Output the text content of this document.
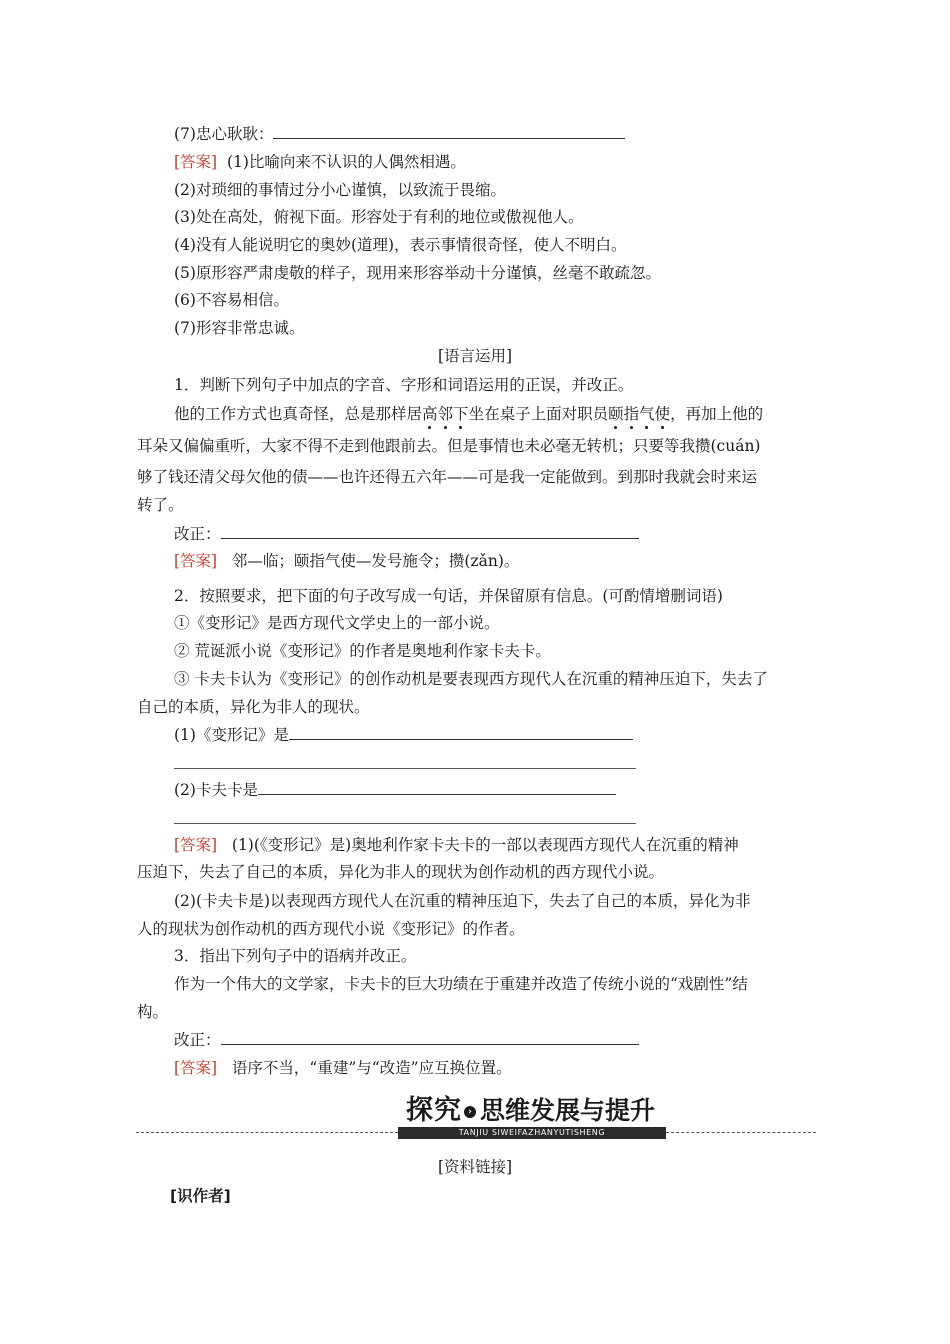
(7)忠心耿耿：
[答案] (1)比喻向来不认识的人偶然相遇。
(2)对琐细的事情过分小心谨慎，以致流于畏缩。
(3)处在高处，俯视下面。形容处于有利的地位或傲视他人。
(4)没有人能说明它的奥妙(道理)，表示事情很奇怪，使人不明白。
(5)原形容严肃虔敬的样子，现用来形容举动十分谨慎，丝毫不敢疏忽。
(6)不容易相信。
(7)形容非常忠诚。
[语言运用]
1．判断下列句子中加点的字音、字形和词语运用的正误，并改正。
他的工作方式也真奇怪，总是那样居高邻下坐在桌子上面对职员颐指气使，再加上他的
耳朵又偏偏重听，大家不得不走到他跟前去。但是事情也未必毫无转机；只要等我攒(cuán)
够了钱还清父母欠他的债——也许还得五六年——可是我一定能做到。到那时我就会时来运
转了。
改正：
[答案] 邻—临；颐指气使—发号施令；攒(zǎn)。
2．按照要求，把下面的句子改写成一句话，并保留原有信息。(可酌情增删词语)
①《变形记》是西方现代文学史上的一部小说。
② 荒诞派小说《变形记》的作者是奥地利作家卡夫卡。
③ 卡夫卡认为《变形记》的创作动机是要表现西方现代人在沉重的精神压迫下，失去了
自己的本质，异化为非人的现状。
(1)《变形记》是
(2)卡夫卡是
[答案] (1)(《变形记》是)奥地利作家卡夫卡的一部以表现西方现代人在沉重的精神
压迫下，失去了自己的本质，异化为非人的现状为创作动机的西方现代小说。
(2)(卡夫卡是)以表现西方现代人在沉重的精神压迫下，失去了自己的本质，异化为非
人的现状为创作动机的西方现代小说《变形记》的作者。
3．指出下列句子中的语病并改正。
作为一个伟大的文学家，卡夫卡的巨大功绩在于重建并改造了传统小说的“戏剧性”结
构。
改正：
[答案] 语序不当，“重建”与“改造”应互换位置。
探究 › 思维发展与提升
TANJIU SIWEIFAZHANYUTISHENG
[资料链接]
[识作者]
